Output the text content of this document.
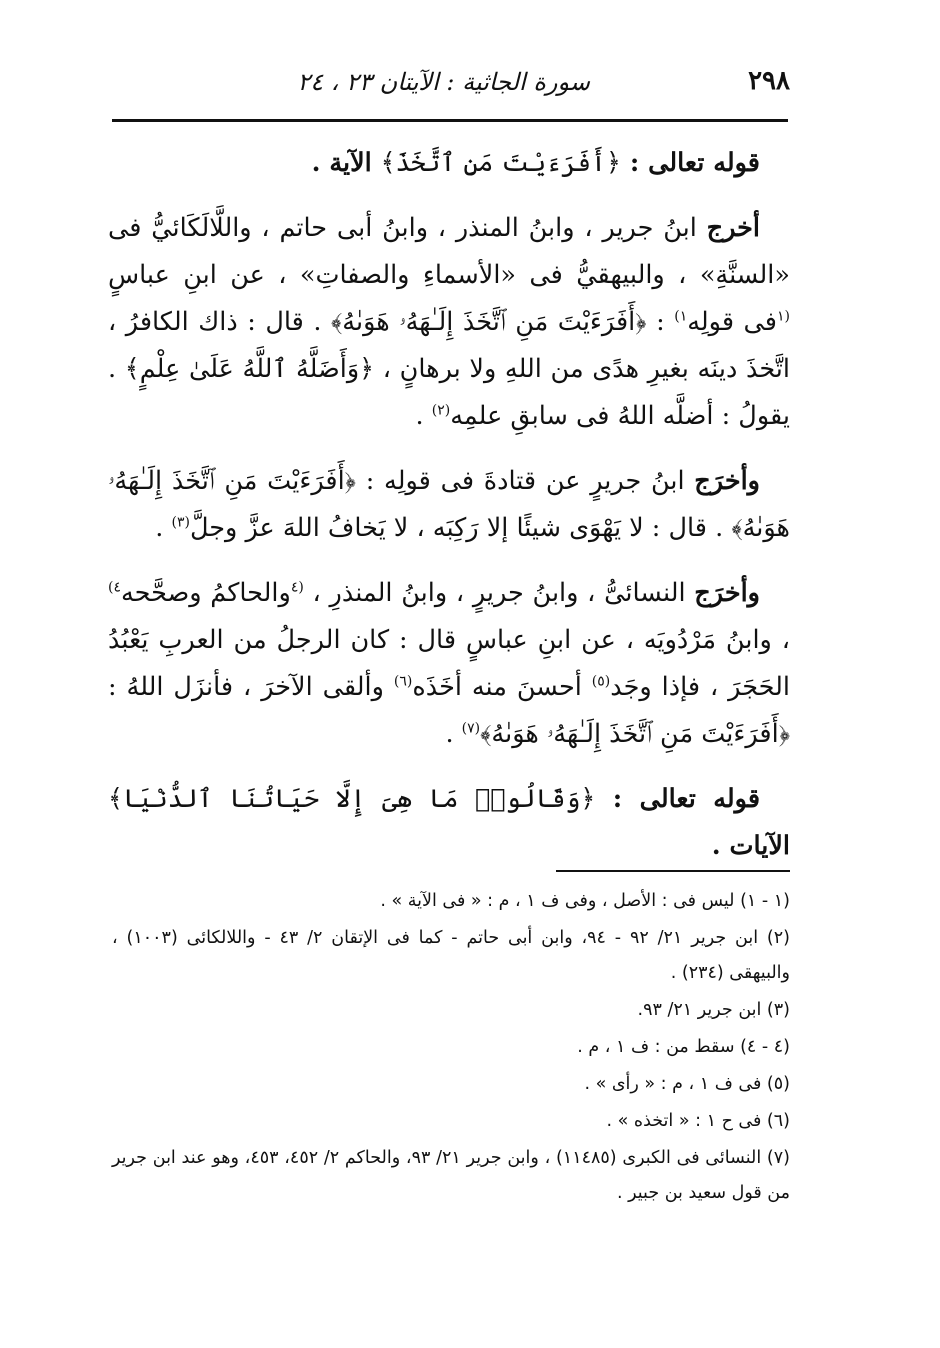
٢٩٨
سورة الجاثية : الآيتان ٢٣ ، ٢٤

قوله تعالى : ﴿أَفَرَءَيْتَ مَنِ ٱتَّخَذَ﴾ الآية .

أخرج ابنُ جرير ، وابنُ المنذر ، وابنُ أبى حاتم ، واللَّالَكَائيُّ فى «السنَّةِ» ، والبيهقيُّ فى «الأسماءِ والصفاتِ» ، عن ابنِ عباسٍ $^{(١}$فى قولِه$^{١)}$ : ﴿أَفَرَءَيْتَ مَنِ ٱتَّخَذَ إِلَـٰهَهُۥ هَوَىٰهُ﴾ . قال : ذاك الكافرُ ، اتَّخذَ دينَه بغيرِ هدًى من اللهِ ولا برهانٍ ، ﴿وَأَضَلَّهُ ٱللَّهُ عَلَىٰ عِلْمٍ﴾ . يقولُ : أضلَّه اللهُ فى سابقِ علمِه$^{(٢)}$ .

وأخرَج ابنُ جريرٍ عن قتادةَ فى قولِه : ﴿أَفَرَءَيْتَ مَنِ ٱتَّخَذَ إِلَـٰهَهُۥ هَوَىٰهُ﴾ . قال : لا يَهْوَى شيئًا إلا رَكِبَه ، لا يَخافُ اللهَ عزَّ وجلَّ$^{(٣)}$ .

وأخرَج النسائىُّ ، وابنُ جريرٍ ، وابنُ المنذرِ ، $^{(٤}$والحاكمُ وصحَّحه$^{٤)}$ ، وابنُ مَرْدُويَه ، عن ابنِ عباسٍ قال : كان الرجلُ من العربِ يَعْبُدُ الحَجَرَ ، فإذا وجَد$^{(٥)}$ أحسنَ منه أخَذَه$^{(٦)}$ وألقى الآخرَ ، فأنزَل اللهُ : ﴿أَفَرَءَيْتَ مَنِ ٱتَّخَذَ إِلَـٰهَهُۥ هَوَىٰهُ﴾$^{(٧)}$ .

قوله تعالى : ﴿وَقَالُوا۟ مَا هِىَ إِلَّا حَيَاتُنَا ٱلدُّنْيَا﴾ الآيات .

(١ - ١) ليس فى : الأصل ، وفى ف ١ ، م : « فى الآية » .

(٢) ابن جرير ٢١/ ٩٢ - ٩٤، وابن أبى حاتم - كما فى الإتقان ٢/ ٤٣ - واللالكائى (١٠٠٣) ، والبيهقى (٢٣٤) .

(٣) ابن جرير ٢١/ ٩٣.

(٤ - ٤) سقط من : ف ١ ، م .

(٥) فى ف ١ ، م : « رأى » .

(٦) فى ح ١ : « اتخذه » .

(٧) النسائى فى الكبرى (١١٤٨٥) ، وابن جرير ٢١/ ٩٣، والحاكم ٢/ ٤٥٢، ٤٥٣، وهو عند ابن جرير من قول سعيد بن جبير .
